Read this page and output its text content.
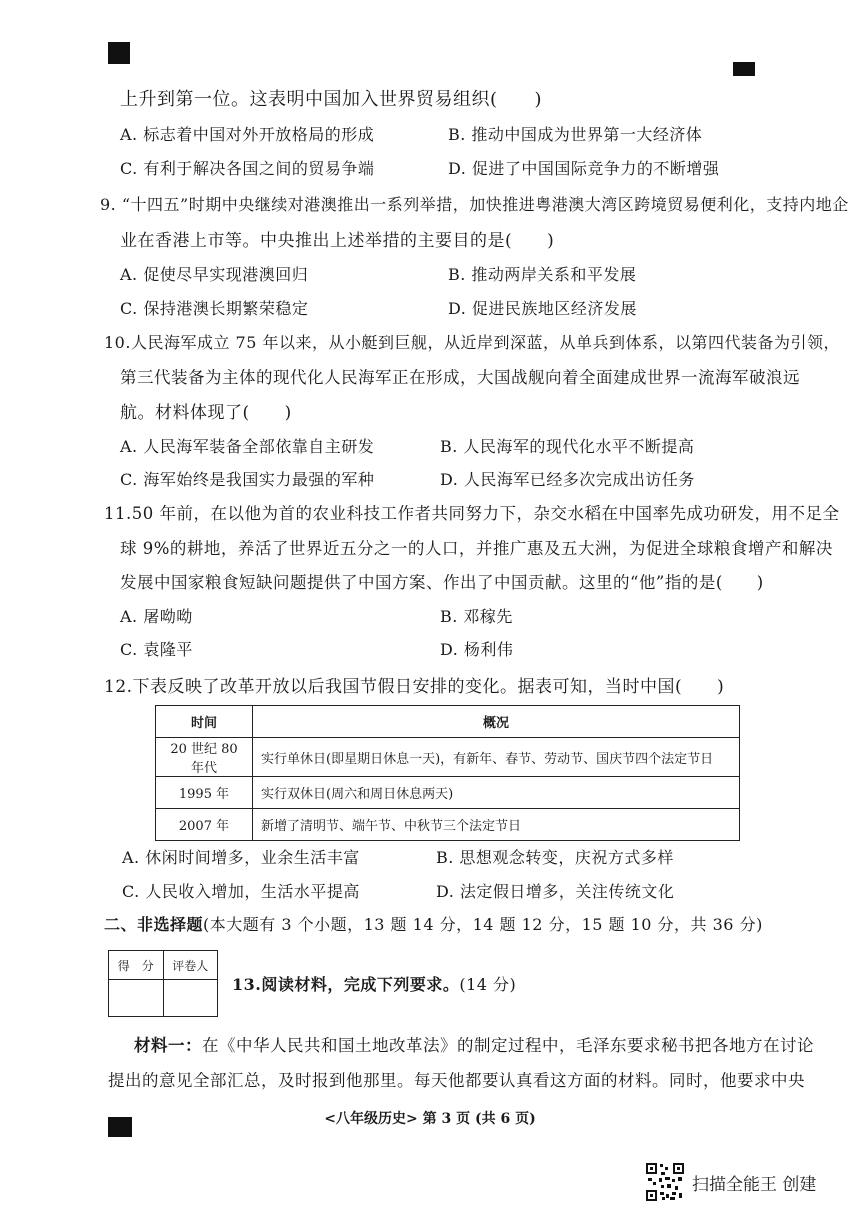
上升到第一位。这表明中国加入世界贸易组织(　　)
A. 标志着中国对外开放格局的形成	B. 推动中国成为世界第一大经济体
C. 有利于解决各国之间的贸易争端	D. 促进了中国国际竞争力的不断增强
9. “十四五”时期中央继续对港澳推出一系列举措，加快推进粤港澳大湾区跨境贸易便利化，支持内地企
业在香港上市等。中央推出上述举措的主要目的是(　　)
A. 促使尽早实现港澳回归	B. 推动两岸关系和平发展
C. 保持港澳长期繁荣稳定	D. 促进民族地区经济发展
10.人民海军成立 75 年以来，从小艇到巨舰，从近岸到深蓝，从单兵到体系，以第四代装备为引领，
第三代装备为主体的现代化人民海军正在形成，大国战舰向着全面建成世界一流海军破浪远
航。材料体现了(　　)
A. 人民海军装备全部依靠自主研发	B. 人民海军的现代化水平不断提高
C. 海军始终是我国实力最强的军种	D. 人民海军已经多次完成出访任务
11.50 年前，在以他为首的农业科技工作者共同努力下，杂交水稻在中国率先成功研发，用不足全
球 9%的耕地，养活了世界近五分之一的人口，并推广惠及五大洲，为促进全球粮食增产和解决
发展中国家粮食短缺问题提供了中国方案、作出了中国贡献。这里的“他”指的是(　　)
A. 屠呦呦	B. 邓稼先
C. 袁隆平	D. 杨利伟
12.下表反映了改革开放以后我国节假日安排的变化。据表可知，当时中国(　　)
时间	概况
20 世纪 80 年代	实行单休日(即星期日休息一天)，有新年、春节、劳动节、国庆节四个法定节日
1995 年	实行双休日(周六和周日休息两天)
2007 年	新增了清明节、端午节、中秋节三个法定节日
A. 休闲时间增多，业余生活丰富	B. 思想观念转变，庆祝方式多样
C. 人民收入增加，生活水平提高	D. 法定假日增多，关注传统文化
二、非选择题(本大题有 3 个小题，13 题 14 分，14 题 12 分，15 题 10 分，共 36 分)
得　分	评卷人

13.阅读材料，完成下列要求。(14 分)
材料一：在《中华人民共和国土地改革法》的制定过程中，毛泽东要求秘书把各地方在讨论
提出的意见全部汇总，及时报到他那里。每天他都要认真看这方面的材料。同时，他要求中央
<八年级历史> 第 3 页 (共 6 页)
扫描全能王 创建
